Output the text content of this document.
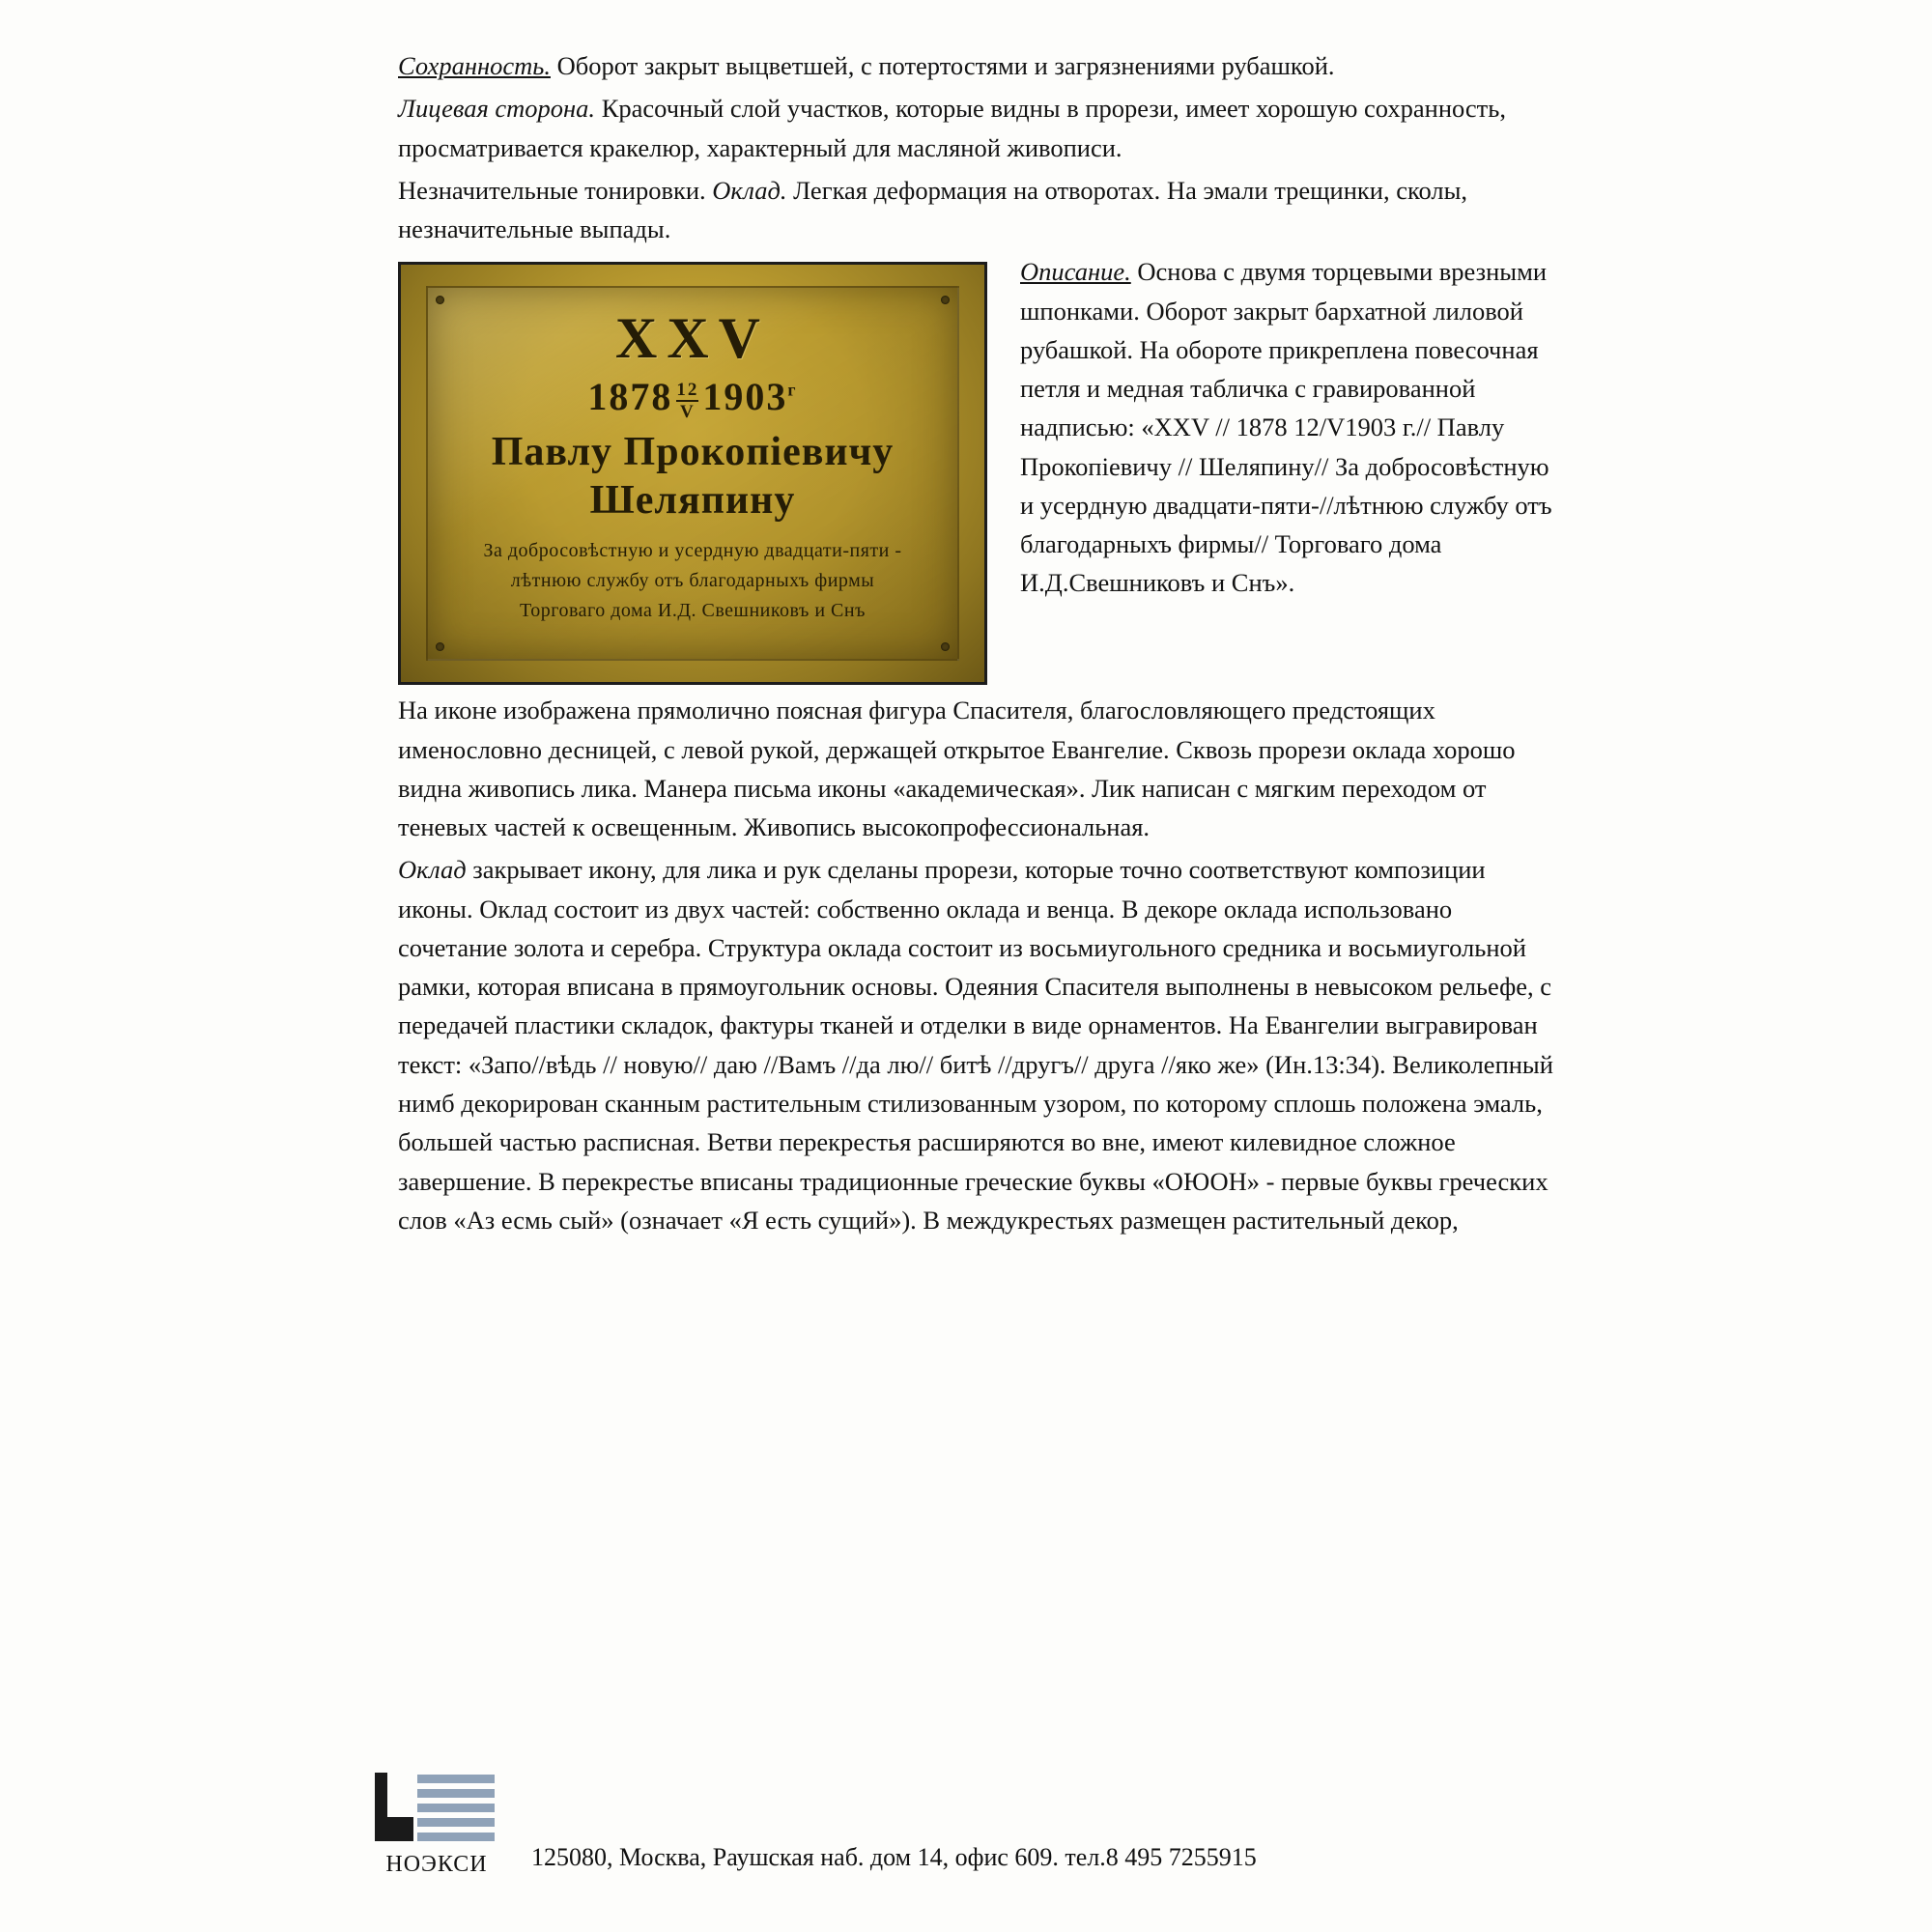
Сохранность. Оборот закрыт выцветшей, с потертостями и загрязнениями рубашкой.

Лицевая сторона. Красочный слой участков, которые видны в прорези, имеет хорошую сохранность, просматривается кракелюр, характерный для масляной живописи.

Незначительные тонировки. Оклад. Легкая деформация на отворотах. На эмали трещинки, сколы, незначительные выпады.

XXV
$1878 \frac{12}{V} 1903^г$
Павлу Прокопiевичу
Шеляпину
За добросовѣстную и усердную двадцати-пяти -
лѣтнюю службу отъ благодарныхъ фирмы
Торговаго дома И.Д. Свешниковъ и Снъ

Описание. Основа с двумя торцевыми врезными шпонками. Оборот закрыт бархатной лиловой рубашкой. На обороте прикреплена повесочная петля и медная табличка с гравированной надписью: «XXV // 1878 12/V1903 г.// Павлу Прокопiевичу // Шеляпину// За добросовѣстную и усердную двадцати-пяти-//лѣтнюю службу отъ благодарныхъ фирмы// Торговаго дома И.Д.Свешниковъ и Снъ».

На иконе изображена прямолично поясная фигура Спасителя, благословляющего предстоящих именословно десницей, с левой рукой, держащей открытое Евангелие. Сквозь прорези оклада хорошо видна живопись лика. Манера письма иконы «академическая». Лик написан с мягким переходом от теневых частей к освещенным. Живопись высокопрофессиональная.

Оклад закрывает икону, для лика и рук сделаны прорези, которые точно соответствуют композиции иконы. Оклад состоит из двух частей: собственно оклада и венца. В декоре оклада использовано сочетание золота и серебра. Структура оклада состоит из восьмиугольного средника и восьмиугольной рамки, которая вписана в прямоугольник основы. Одеяния Спасителя выполнены в невысоком рельефе, с передачей пластики складок, фактуры тканей и отделки в виде орнаментов. На Евангелии выгравирован текст: «Запо//вѣдь // новую// даю //Вамъ //да лю// битѣ //другъ// друга //яко же» (Ин.13:34). Великолепный нимб декорирован сканным растительным стилизованным узором, по которому сплошь положена эмаль, большей частью расписная. Ветви перекрестья расширяются во вне, имеют килевидное сложное завершение. В перекрестье вписаны традиционные греческие буквы «ОЮОН» - первые буквы греческих слов «Аз есмь сый» (означает «Я есть сущий»). В междукрестьях размещен растительный декор,

НОЭКСИ	125080, Москва, Раушская наб. дом 14, офис 609. тел.8 495 7255915
